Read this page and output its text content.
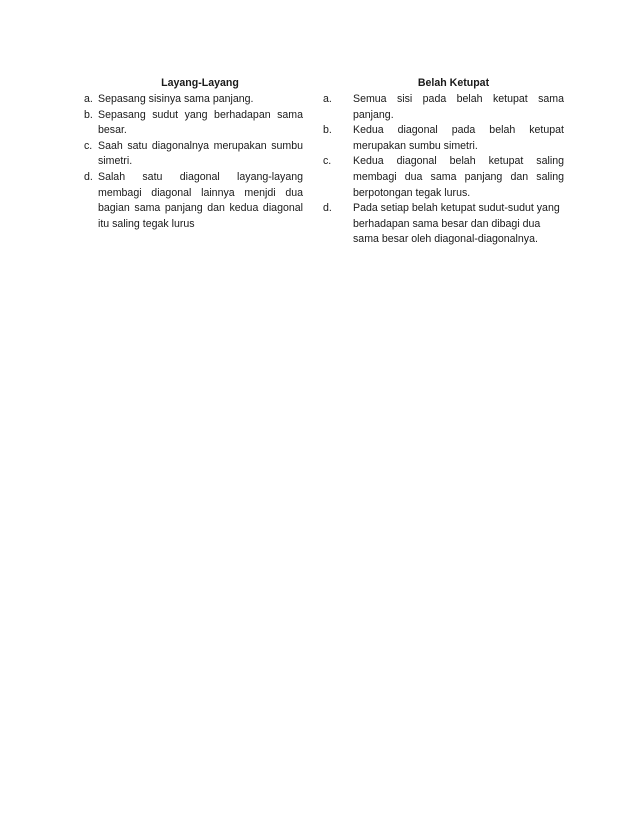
Layang-Layang
a. Sepasang sisinya sama panjang.
b. Sepasang sudut yang berhadapan sama besar.
c. Saah satu diagonalnya merupakan sumbu simetri.
d. Salah satu diagonal layang-layang membagi diagonal lainnya menjdi dua bagian sama panjang dan kedua diagonal itu saling tegak lurus
Belah Ketupat
a.	Semua sisi pada belah ketupat sama panjang.
b.	Kedua diagonal pada belah ketupat merupakan sumbu simetri.
c.	Kedua diagonal belah ketupat saling membagi dua sama panjang dan saling berpotongan tegak lurus.
d.	Pada setiap belah ketupat sudut-sudut yang berhadapan sama besar dan dibagi dua sama besar oleh diagonal-diagonalnya.
